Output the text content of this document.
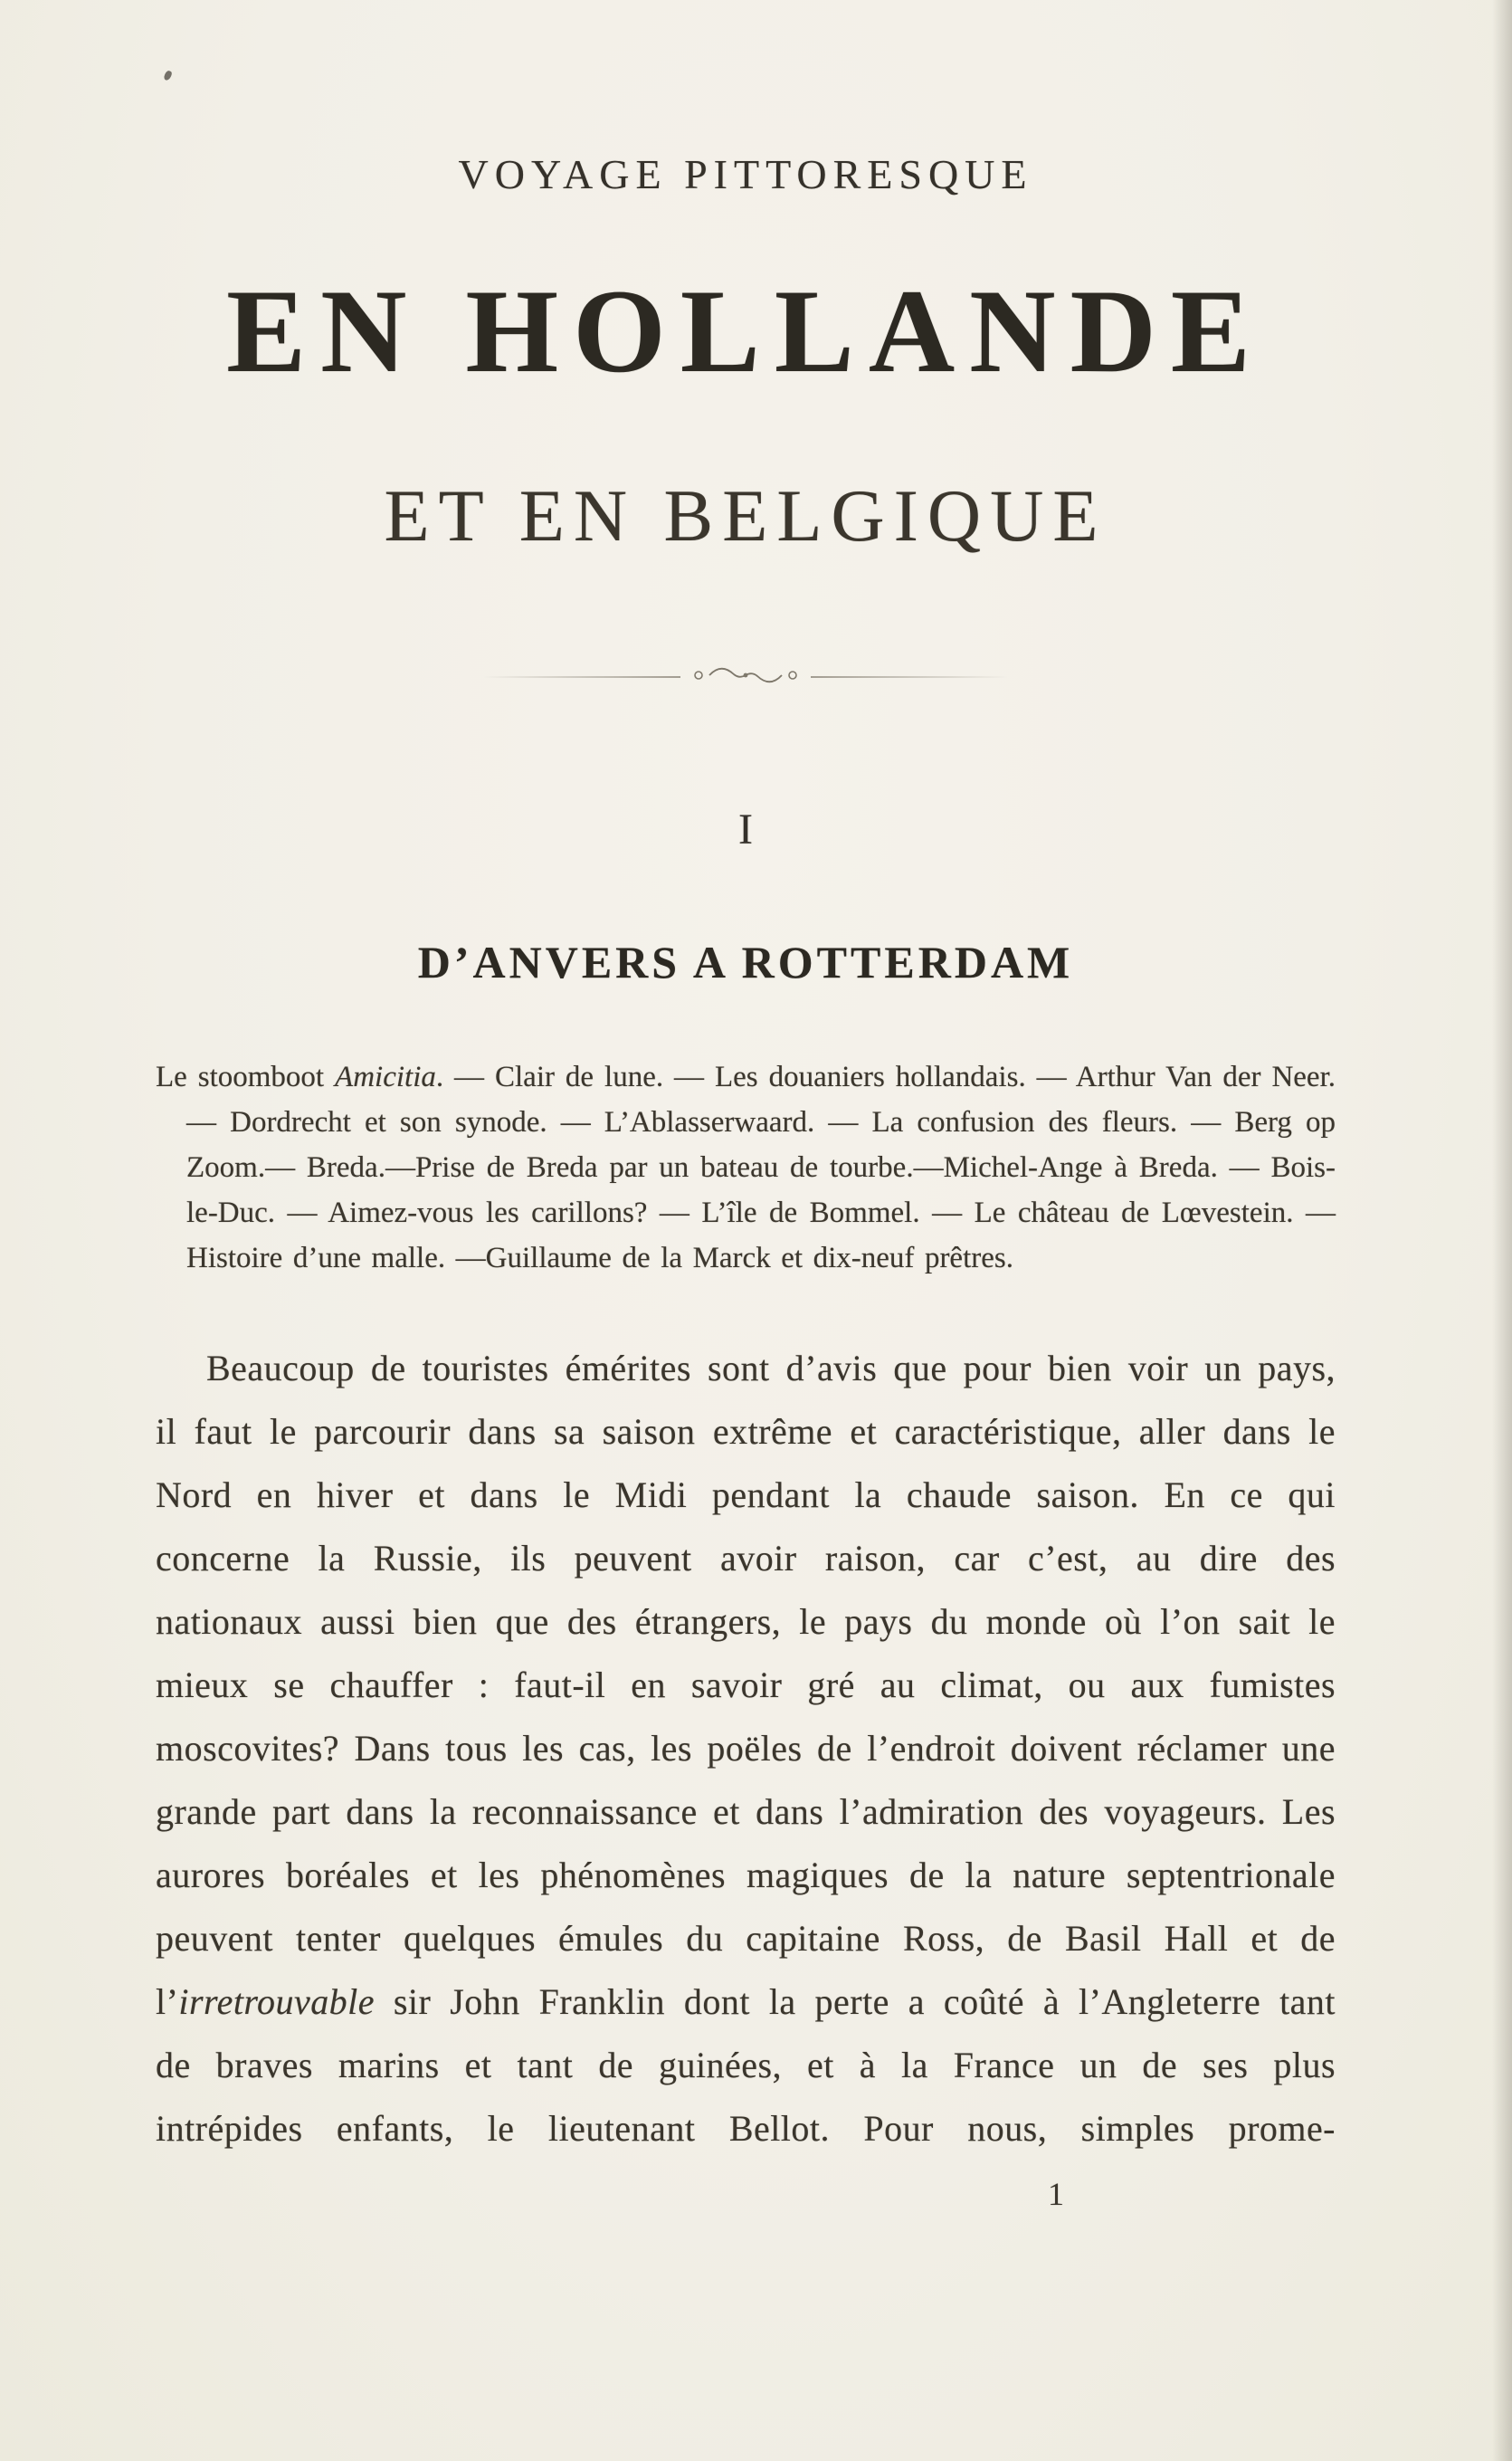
VOYAGE PITTORESQUE
EN HOLLANDE
ET EN BELGIQUE
I
D’ANVERS A ROTTERDAM

Le stoomboot Amicitia. — Clair de lune. — Les douaniers hollandais. — Arthur Van der Neer. — Dordrecht et son synode. — L’Ablasserwaard. — La confusion des fleurs. — Berg op Zoom.— Breda.—Prise de Breda par un bateau de tourbe.—Michel-Ange à Breda. — Bois-le-Duc. — Aimez-vous les carillons? — L’île de Bommel. — Le château de Lœvestein. — Histoire d’une malle. —Guillaume de la Marck et dix-neuf prêtres.

Beaucoup de touristes émérites sont d’avis que pour bien voir un pays, il faut le parcourir dans sa saison extrême et caractéristique, aller dans le Nord en hiver et dans le Midi pendant la chaude saison. En ce qui concerne la Russie, ils peuvent avoir raison, car c’est, au dire des nationaux aussi bien que des étrangers, le pays du monde où l’on sait le mieux se chauffer : faut-il en savoir gré au climat, ou aux fumistes moscovites? Dans tous les cas, les poëles de l’endroit doivent réclamer une grande part dans la reconnaissance et dans l’admiration des voyageurs. Les aurores boréales et les phénomènes magiques de la nature septentrionale peuvent tenter quelques émules du capitaine Ross, de Basil Hall et de l’irretrouvable sir John Franklin dont la perte a coûté à l’Angleterre tant de braves marins et tant de guinées, et à la France un de ses plus intrépides enfants, le lieutenant Bellot. Pour nous, simples prome-

1
